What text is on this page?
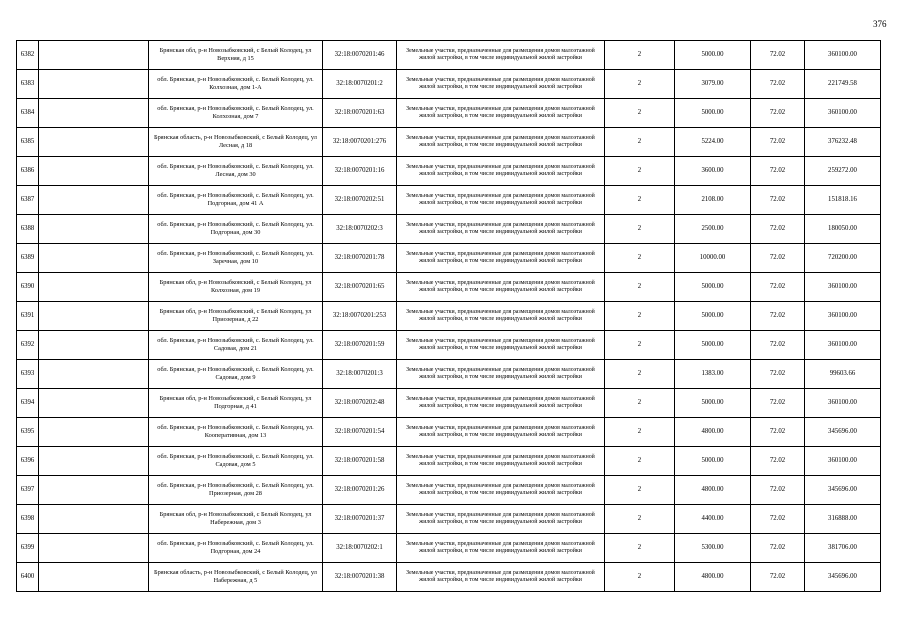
376
6382		Брянская обл, р-н Новозыбковский, с Белый Колодец, ул Верхняя, д 15	32:18:0070201:46	Земельные участки, предназначенные для размещения домов малоэтажной жилой застройки, в том числе индивидуальной жилой застройки	2	5000.00	72.02	360100.00
6383		обл. Брянская, р-н Новозыбковский, с. Белый Колодец, ул. Колхозная, дом 1-А	32:18:0070201:2	Земельные участки, предназначенные для размещения домов малоэтажной жилой застройки, в том числе индивидуальной жилой застройки	2	3079.00	72.02	221749.58
6384		обл. Брянская, р-н Новозыбковский, с. Белый Колодец, ул. Колхозная, дом 7	32:18:0070201:63	Земельные участки, предназначенные для размещения домов малоэтажной жилой застройки, в том числе индивидуальной жилой застройки	2	5000.00	72.02	360100.00
6385		Брянская область, р-н Новозыбковский, с Белый Колодец, ул Лесная, д 18	32:18:0070201:276	Земельные участки, предназначенные для размещения домов малоэтажной жилой застройки, в том числе индивидуальной жилой застройки	2	5224.00	72.02	376232.48
6386		обл. Брянская, р-н Новозыбковский, с. Белый Колодец, ул. Лесная, дом 30	32:18:0070201:16	Земельные участки, предназначенные для размещения домов малоэтажной жилой застройки, в том числе индивидуальной жилой застройки	2	3600.00	72.02	259272.00
6387		обл. Брянская, р-н Новозыбковский, с. Белый Колодец, ул. Подгорная, дом 41 А	32:18:0070202:51	Земельные участки, предназначенные для размещения домов малоэтажной жилой застройки, в том числе индивидуальной жилой застройки	2	2108.00	72.02	151818.16
6388		обл. Брянская, р-н Новозыбковский, с. Белый Колодец, ул. Подгорная, дом 30	32:18:0070202:3	Земельные участки, предназначенные для размещения домов малоэтажной жилой застройки, в том числе индивидуальной жилой застройки	2	2500.00	72.02	180050.00
6389		обл. Брянская, р-н Новозыбковский, с. Белый Колодец, ул. Заречная, дом 10	32:18:0070201:78	Земельные участки, предназначенные для размещения домов малоэтажной жилой застройки, в том числе индивидуальной жилой застройки	2	10000.00	72.02	720200.00
6390		Брянская обл, р-н Новозыбковский, с Белый Колодец, ул Колхозная, дом 19	32:18:0070201:65	Земельные участки, предназначенные для размещения домов малоэтажной жилой застройки, в том числе индивидуальной жилой застройки	2	5000.00	72.02	360100.00
6391		Брянская обл, р-н Новозыбковский, с Белый Колодец, ул Приозерная, д 22	32:18:0070201:253	Земельные участки, предназначенные для размещения домов малоэтажной жилой застройки, в том числе индивидуальной жилой застройки	2	5000.00	72.02	360100.00
6392		обл. Брянская, р-н Новозыбковский, с. Белый Колодец, ул. Садовая, дом 21	32:18:0070201:59	Земельные участки, предназначенные для размещения домов малоэтажной жилой застройки, в том числе индивидуальной жилой застройки	2	5000.00	72.02	360100.00
6393		обл. Брянская, р-н Новозыбковский, с. Белый Колодец, ул. Садовая, дом 9	32:18:0070201:3	Земельные участки, предназначенные для размещения домов малоэтажной жилой застройки, в том числе индивидуальной жилой застройки	2	1383.00	72.02	99603.66
6394		Брянская обл, р-н Новозыбковский, с Белый Колодец, ул Подгорная, д 41	32:18:0070202:48	Земельные участки, предназначенные для размещения домов малоэтажной жилой застройки, в том числе индивидуальной жилой застройки	2	5000.00	72.02	360100.00
6395		обл. Брянская, р-н Новозыбковский, с. Белый Колодец, ул. Кооперативная, дом 13	32:18:0070201:54	Земельные участки, предназначенные для размещения домов малоэтажной жилой застройки, в том числе индивидуальной жилой застройки	2	4800.00	72.02	345696.00
6396		обл. Брянская, р-н Новозыбковский, с. Белый Колодец, ул. Садовая, дом 5	32:18:0070201:58	Земельные участки, предназначенные для размещения домов малоэтажной жилой застройки, в том числе индивидуальной жилой застройки	2	5000.00	72.02	360100.00
6397		обл. Брянская, р-н Новозыбковский, с. Белый Колодец, ул. Приозерная, дом 28	32:18:0070201:26	Земельные участки, предназначенные для размещения домов малоэтажной жилой застройки, в том числе индивидуальной жилой застройки	2	4800.00	72.02	345696.00
6398		Брянская обл, р-н Новозыбковский, с Белый Колодец, ул Набережная, дом 3	32:18:0070201:37	Земельные участки, предназначенные для размещения домов малоэтажной жилой застройки, в том числе индивидуальной жилой застройки	2	4400.00	72.02	316888.00
6399		обл. Брянская, р-н Новозыбковский, с. Белый Колодец, ул. Подгорная, дом 24	32:18:0070202:1	Земельные участки, предназначенные для размещения домов малоэтажной жилой застройки, в том числе индивидуальной жилой застройки	2	5300.00	72.02	381706.00
6400		Брянская область, р-н Новозыбковский, с Белый Колодец, ул Набережная, д 5	32:18:0070201:38	Земельные участки, предназначенные для размещения домов малоэтажной жилой застройки, в том числе индивидуальной жилой застройки	2	4800.00	72.02	345696.00
